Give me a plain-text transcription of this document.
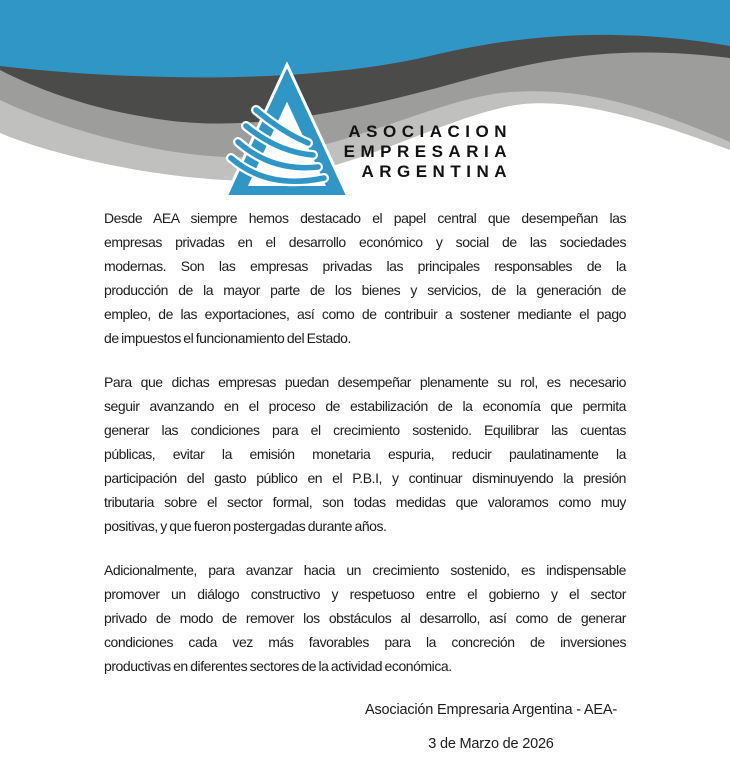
ASOCIACION
EMPRESARIA
ARGENTINA
Desde AEA siempre hemos destacado el papel central que desempeñan las
empresas privadas en el desarrollo económico y social de las sociedades
modernas. Son las empresas privadas las principales responsables de la
producción de la mayor parte de los bienes y servicios, de la generación de
empleo, de las exportaciones, así como de contribuir a sostener mediante el pago
de impuestos el funcionamiento del Estado.
Para que dichas empresas puedan desempeñar plenamente su rol, es necesario
seguir avanzando en el proceso de estabilización de la economía que permita
generar las condiciones para el crecimiento sostenido. Equilibrar las cuentas
públicas, evitar la emisión monetaria espuria, reducir paulatinamente la
participación del gasto público en el P.B.I, y continuar disminuyendo la presión
tributaria sobre el sector formal, son todas medidas que valoramos como muy
positivas, y que fueron postergadas durante años.
Adicionalmente, para avanzar hacia un crecimiento sostenido, es indispensable
promover un diálogo constructivo y respetuoso entre el gobierno y el sector
privado de modo de remover los obstáculos al desarrollo, así como de generar
condiciones cada vez más favorables para la concreción de inversiones
productivas en diferentes sectores de la actividad económica.
Asociación Empresaria Argentina - AEA-
3 de Marzo de 2026
